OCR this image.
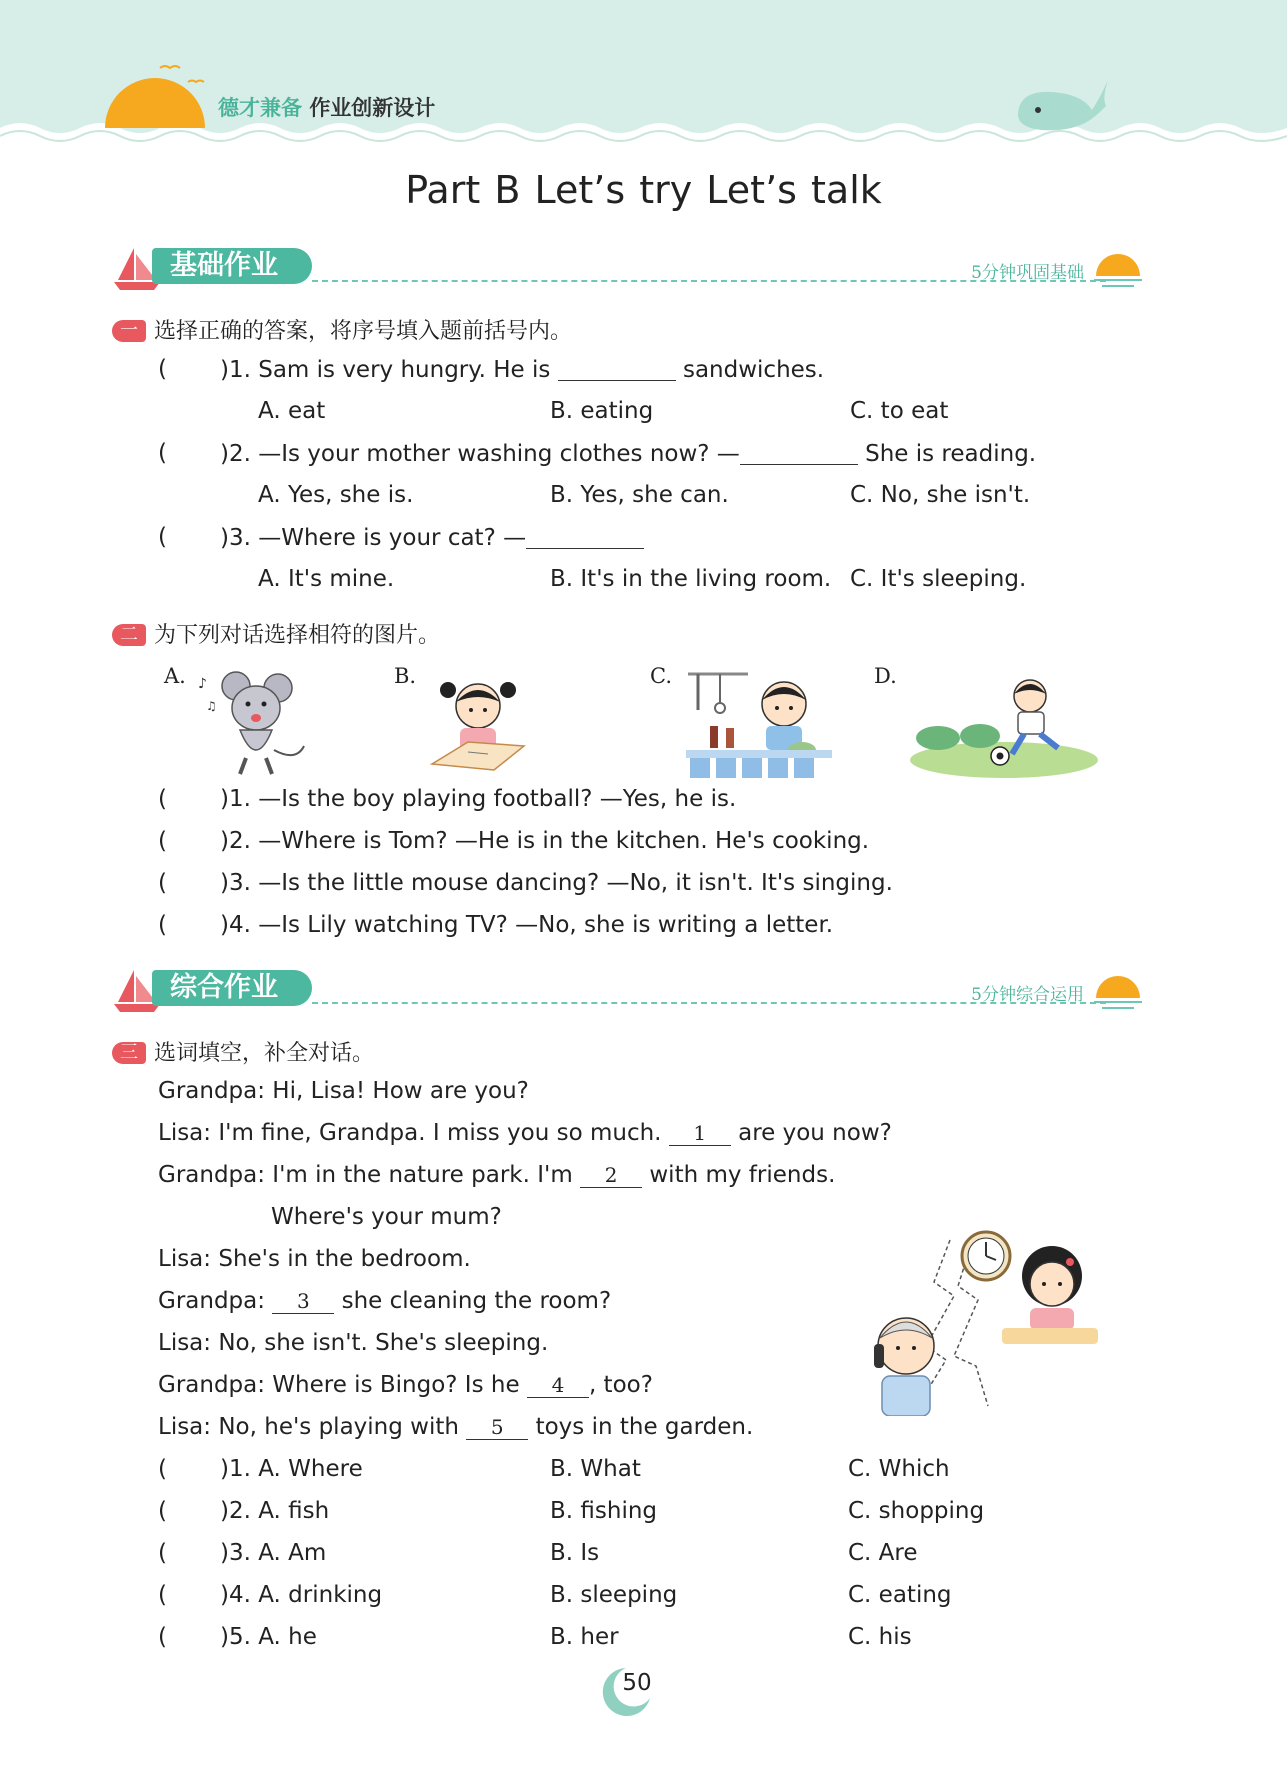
德才兼备 作业创新设计
Part B Let’s try Let’s talk
基础作业	5分钟巩固基础
一 选择正确的答案，将序号填入题前括号内。
( )1. Sam is very hungry. He is	sandwiches.
A. eat	B. eating	C. to eat
( )2. —Is your mother washing clothes now? —	She is reading.
A. Yes, she is.	B. Yes, she can.	C. No, she isn't.
( )3. —Where is your cat? —
A. It's mine.	B. It's in the living room. C. It's sleeping.
二 为下列对话选择相符的图片。
A. ♪
♫
B.	C.	D.
( )1. —Is the boy playing football? —Yes, he is.
( )2. —Where is Tom? —He is in the kitchen. He's cooking.
( )3. —Is the little mouse dancing? —No, it isn't. It's singing.
( )4. —Is Lily watching TV? —No, she is writing a letter.
综合作业	5分钟综合运用
三 选词填空，补全对话。
Grandpa: Hi, Lisa! How are you?
Lisa: I'm fine, Grandpa. I miss you so much. 1 are you now?
Grandpa: I'm in the nature park. I'm 2 with my friends.
Where's your mum?
Lisa: She's in the bedroom.
Grandpa: 3 she cleaning the room?
Lisa: No, she isn't. She's sleeping.
Grandpa: Where is Bingo? Is he 4 , too?
Lisa: No, he's playing with 5 toys in the garden.
( )1. A. Where	B. What	C. Which
( )2. A. fish	B. fishing	C. shopping
( )3. A. Am	B. Is	C. Are
( )4. A. drinking	B. sleeping	C. eating
( )5. A. he	B. her	C. his
50
